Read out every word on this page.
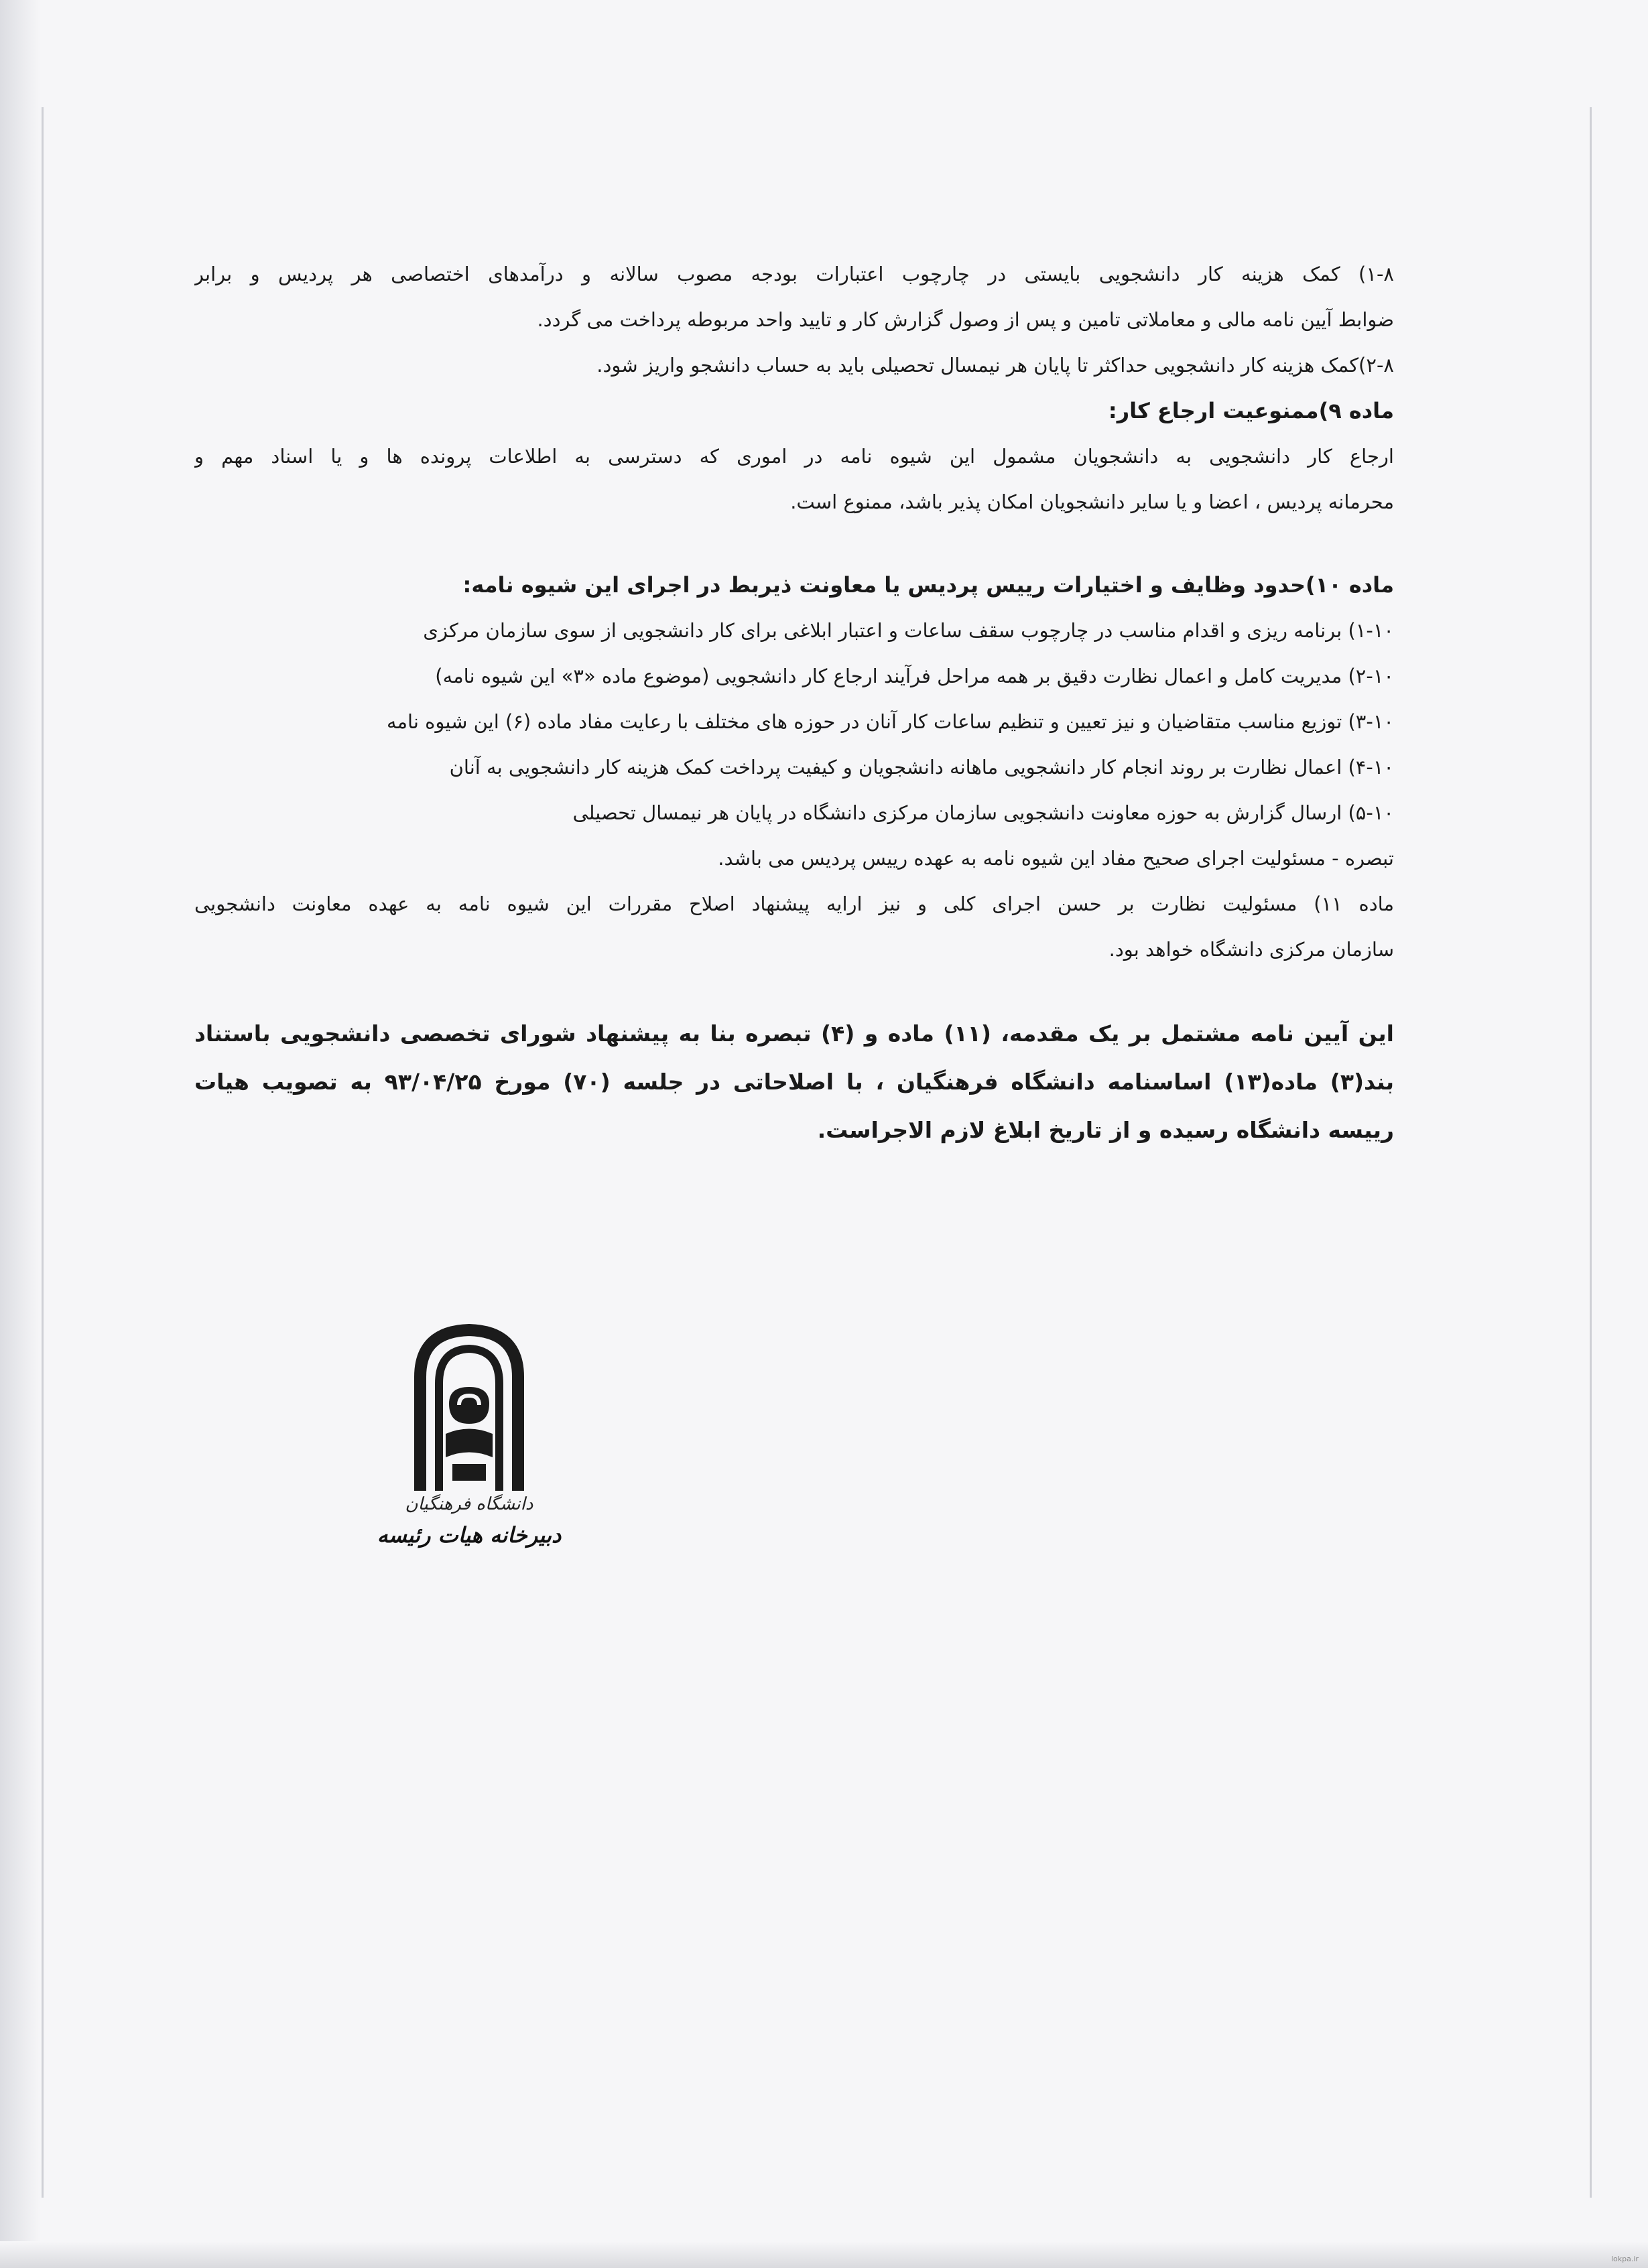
۱-۸) کمک هزینه کار دانشجویی بایستی در چارچوب اعتبارات بودجه مصوب سالانه و درآمدهای اختصاصی هر پردیس و برابر
ضوابط آیین نامه مالی و معاملاتی تامین و پس از وصول گزارش کار و تایید واحد مربوطه پرداخت می گردد.
۲-۸)کمک هزینه کار دانشجویی حداکثر تا پایان هر نیمسال تحصیلی باید به حساب دانشجو واریز شود.
ماده ۹)ممنوعیت ارجاع کار:
ارجاع کار دانشجویی به دانشجویان مشمول این شیوه نامه در اموری که دسترسی به اطلاعات پرونده ها و یا اسناد مهم و
محرمانه پردیس ، اعضا و یا سایر دانشجویان امکان پذیر باشد، ممنوع است.
ماده ۱۰)حدود وظایف و اختیارات رییس پردیس یا معاونت ذیربط در اجرای این شیوه نامه:
۱-۱۰) برنامه ریزی و اقدام مناسب در چارچوب سقف ساعات و اعتبار ابلاغی برای کار دانشجویی از سوی سازمان مرکزی
۲-۱۰) مدیریت کامل و اعمال نظارت دقیق بر همه مراحل فرآیند ارجاع کار دانشجویی (موضوع ماده «۳» این شیوه نامه)
۳-۱۰) توزیع مناسب متقاضیان و نیز تعیین و تنظیم ساعات کار آنان در حوزه های مختلف با رعایت مفاد ماده (۶) این شیوه نامه
۴-۱۰) اعمال نظارت بر روند انجام کار دانشجویی ماهانه دانشجویان و کیفیت پرداخت کمک هزینه کار دانشجویی به آنان
۵-۱۰) ارسال گزارش به حوزه معاونت دانشجویی سازمان مرکزی دانشگاه در پایان هر نیمسال تحصیلی
تبصره - مسئولیت اجرای صحیح مفاد این شیوه نامه به عهده رییس پردیس می باشد.
ماده ۱۱) مسئولیت نظارت بر حسن اجرای کلی و نیز ارایه پیشنهاد اصلاح مقررات این شیوه نامه به عهده معاونت دانشجویی
سازمان مرکزی دانشگاه خواهد بود.
این آیین نامه مشتمل بر یک مقدمه، (۱۱) ماده و (۴) تبصره بنا به پیشنهاد شورای تخصصی دانشجویی باستناد
بند(۳) ماده(۱۳) اساسنامه دانشگاه فرهنگیان ، با اصلاحاتی در جلسه (۷۰) مورخ ۹۳/۰۴/۲۵ به تصویب هیات
رییسه دانشگاه رسیده و از تاریخ ابلاغ لازم الاجراست.
دانشگاه فرهنگیان
دبیرخانه هیات رئیسه
lokpa.ir
